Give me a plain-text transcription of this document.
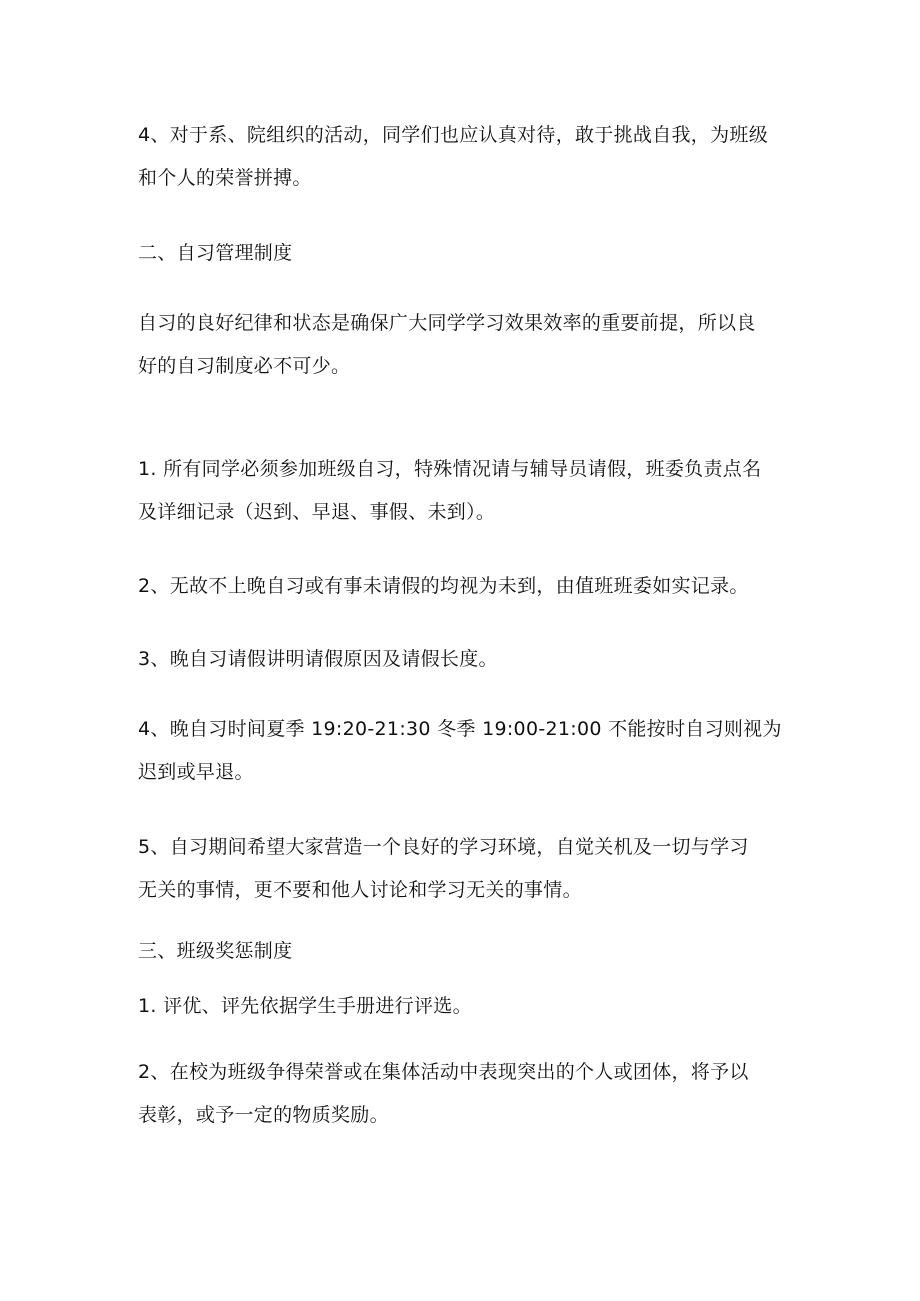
4、对于系、院组织的活动，同学们也应认真对待，敢于挑战自我，为班级
和个人的荣誉拼搏。

二、自习管理制度

自习的良好纪律和状态是确保广大同学学习效果效率的重要前提，所以良
好的自习制度必不可少。

1. 所有同学必须参加班级自习，特殊情况请与辅导员请假，班委负责点名
及详细记录（迟到、早退、事假、未到）。

2、无故不上晚自习或有事未请假的均视为未到，由值班班委如实记录。

3、晚自习请假讲明请假原因及请假长度。

4、晚自习时间夏季 19:20-21:30 冬季 19:00-21:00 不能按时自习则视为
迟到或早退。

5、自习期间希望大家营造一个良好的学习环境，自觉关机及一切与学习
无关的事情，更不要和他人讨论和学习无关的事情。

三、班级奖惩制度

1. 评优、评先依据学生手册进行评选。

2、在校为班级争得荣誉或在集体活动中表现突出的个人或团体，将予以
表彰，或予一定的物质奖励。
